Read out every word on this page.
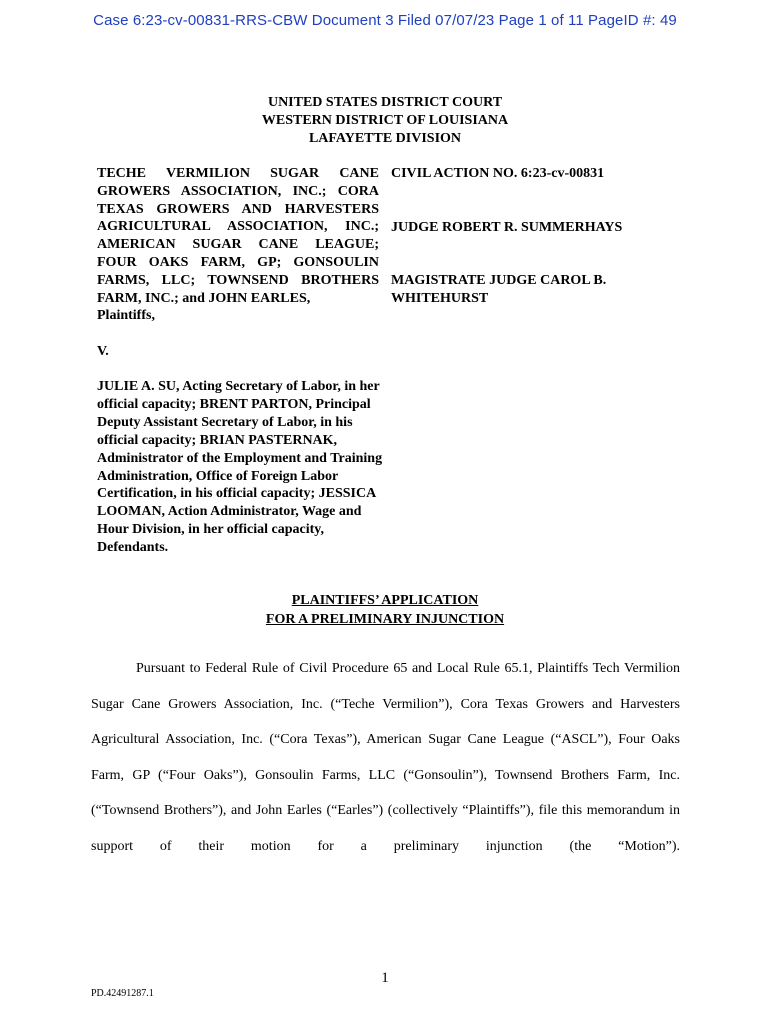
Case 6:23-cv-00831-RRS-CBW Document 3 Filed 07/07/23 Page 1 of 11 PageID #: 49
UNITED STATES DISTRICT COURT
WESTERN DISTRICT OF LOUISIANA
LAFAYETTE DIVISION
TECHE VERMILION SUGAR CANE GROWERS ASSOCIATION, INC.; CORA TEXAS GROWERS AND HARVESTERS AGRICULTURAL ASSOCIATION, INC.; AMERICAN SUGAR CANE LEAGUE; FOUR OAKS FARM, GP; GONSOULIN FARMS, LLC; TOWNSEND BROTHERS FARM, INC.; and JOHN EARLES,
Plaintiffs,
V.
JULIE A. SU, Acting Secretary of Labor, in her official capacity; BRENT PARTON, Principal Deputy Assistant Secretary of Labor, in his official capacity; BRIAN PASTERNAK, Administrator of the Employment and Training Administration, Office of Foreign Labor Certification, in his official capacity; JESSICA LOOMAN, Action Administrator, Wage and Hour Division, in her official capacity,
Defendants.
CIVIL ACTION NO. 6:23-cv-00831
JUDGE ROBERT R. SUMMERHAYS
MAGISTRATE JUDGE CAROL B. WHITEHURST
PLAINTIFFS’ APPLICATION
FOR A PRELIMINARY INJUNCTION
Pursuant to Federal Rule of Civil Procedure 65 and Local Rule 65.1, Plaintiffs Tech Vermilion Sugar Cane Growers Association, Inc. (“Teche Vermilion”), Cora Texas Growers and Harvesters Agricultural Association, Inc. (“Cora Texas”), American Sugar Cane League (“ASCL”), Four Oaks Farm, GP (“Four Oaks”), Gonsoulin Farms, LLC (“Gonsoulin”), Townsend Brothers Farm, Inc. (“Townsend Brothers”), and John Earles (“Earles”) (collectively “Plaintiffs”), file this memorandum in support of their motion for a preliminary injunction (the “Motion”).
1
PD.42491287.1
